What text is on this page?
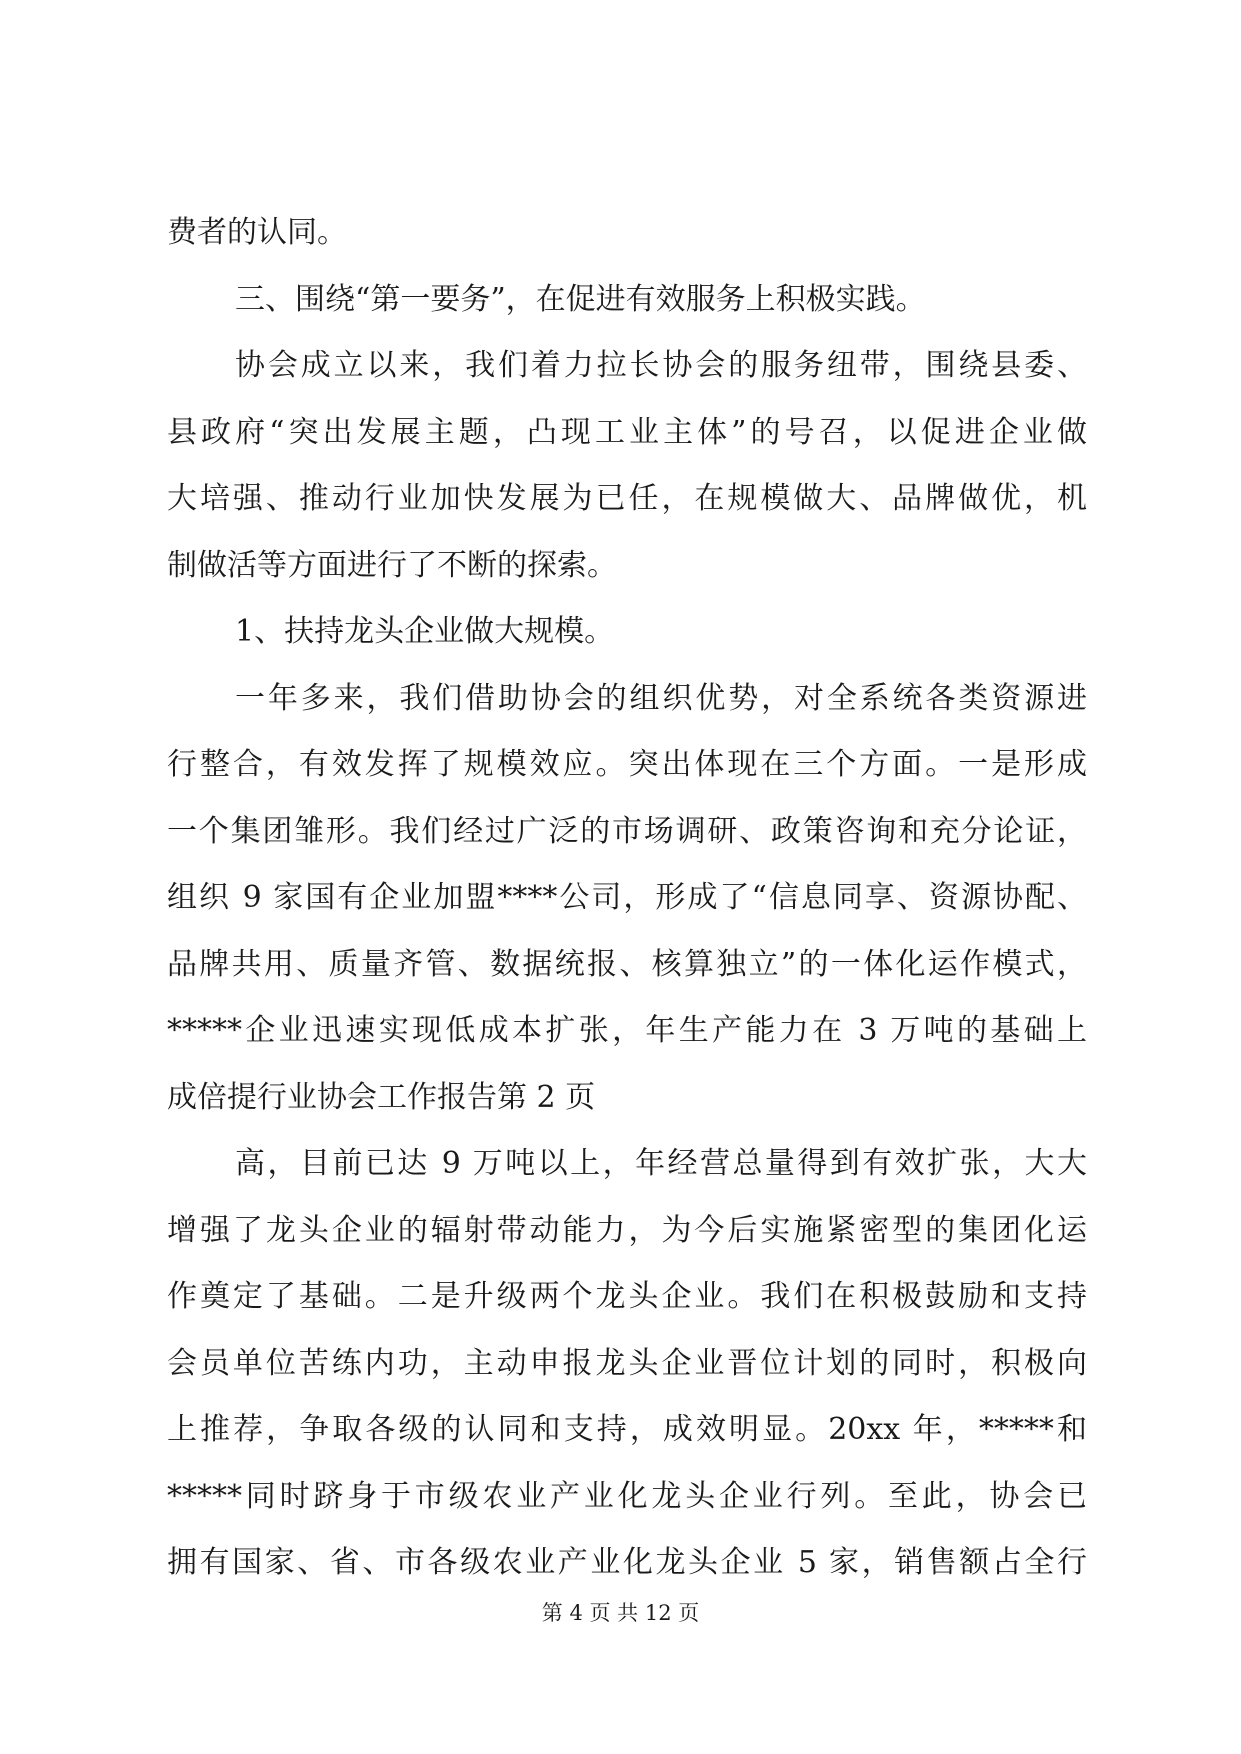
费者的认同。
三、围绕“第一要务”，在促进有效服务上积极实践。
协会成立以来，我们着力拉长协会的服务纽带，围绕县委、
县政府“突出发展主题，凸现工业主体”的号召，以促进企业做
大培强、推动行业加快发展为已任，在规模做大、品牌做优，机
制做活等方面进行了不断的探索。
1、扶持龙头企业做大规模。
一年多来，我们借助协会的组织优势，对全系统各类资源进
行整合，有效发挥了规模效应。突出体现在三个方面。一是形成
一个集团雏形。我们经过广泛的市场调研、政策咨询和充分论证，
组织 9 家国有企业加盟****公司，形成了“信息同享、资源协配、
品牌共用、质量齐管、数据统报、核算独立”的一体化运作模式，
*****企业迅速实现低成本扩张，年生产能力在 3 万吨的基础上
成倍提行业协会工作报告第 2 页
高，目前已达 9 万吨以上，年经营总量得到有效扩张，大大
增强了龙头企业的辐射带动能力，为今后实施紧密型的集团化运
作奠定了基础。二是升级两个龙头企业。我们在积极鼓励和支持
会员单位苦练内功，主动申报龙头企业晋位计划的同时，积极向
上推荐，争取各级的认同和支持，成效明显。20xx 年，*****和
*****同时跻身于市级农业产业化龙头企业行列。至此，协会已
拥有国家、省、市各级农业产业化龙头企业 5 家，销售额占全行
第 4 页 共 12 页
